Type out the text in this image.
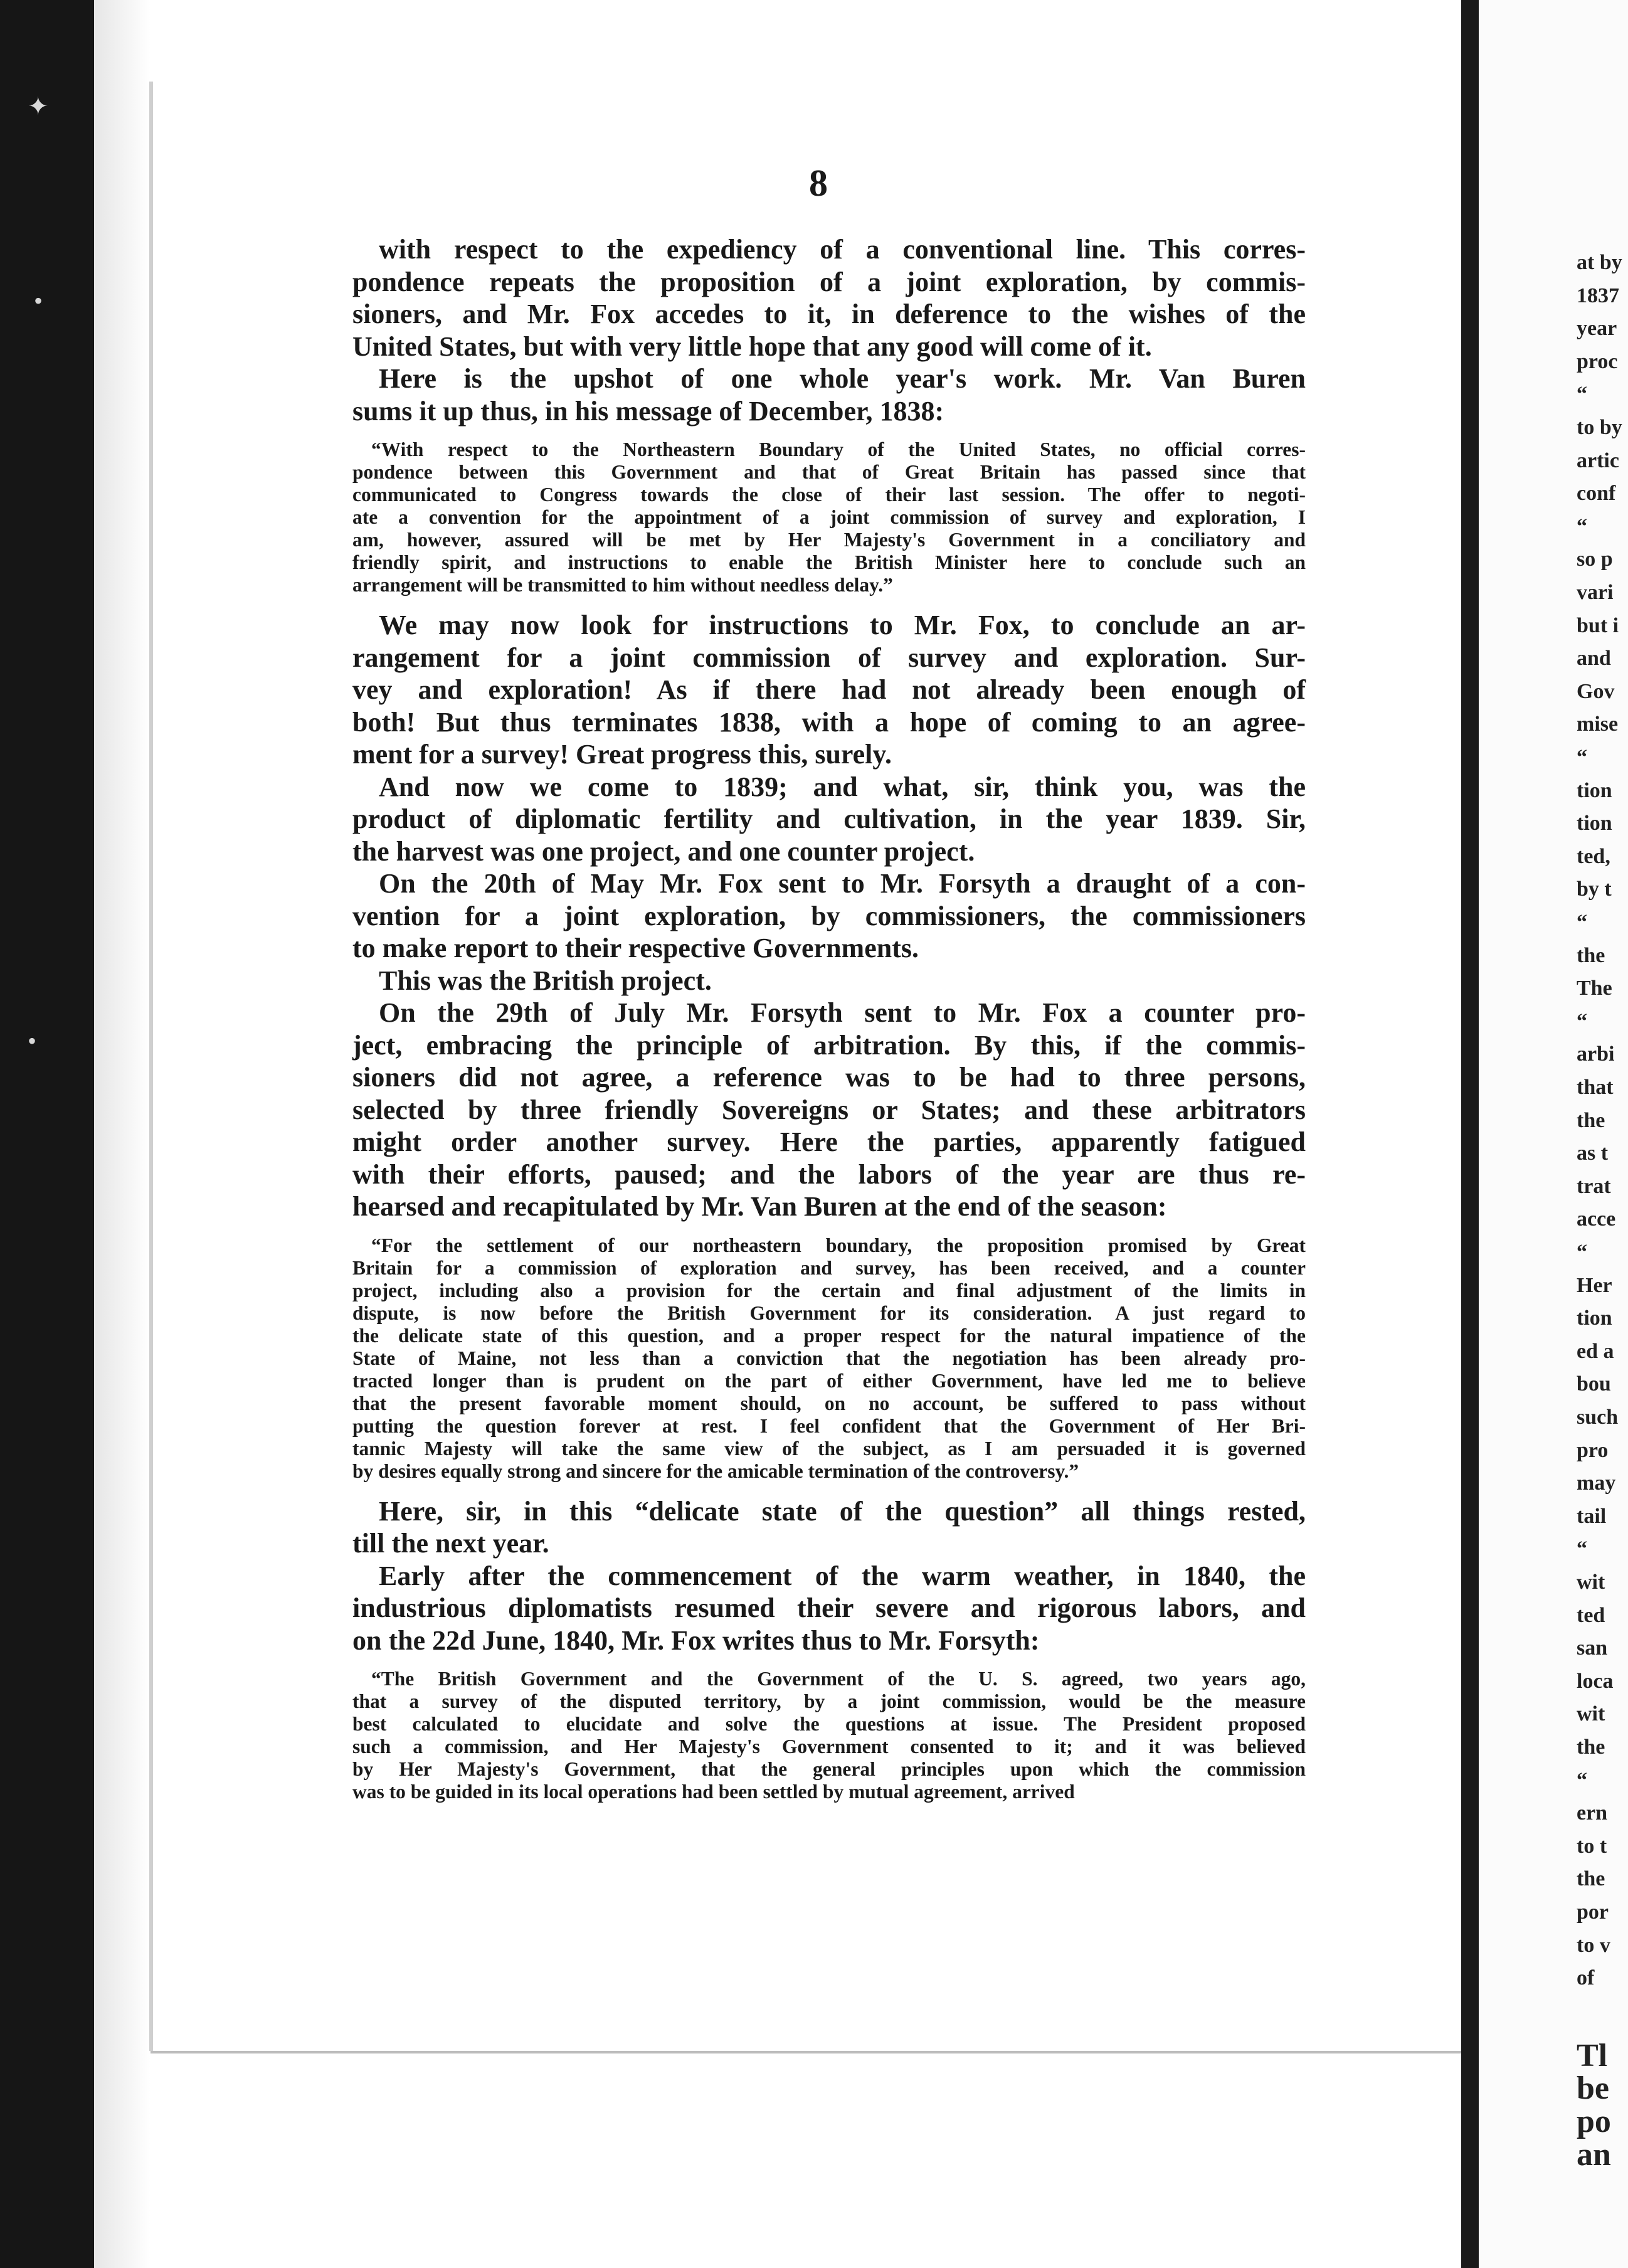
✦
•
•
at by
1837
year
proc
“
to by
artic
conf
“
so p
vari
but i
and
Gov
mise
“
tion
tion
ted,
by t
“
the
The
“
arbi
that
the
as t
trat
acce
“
Her
tion
ed a
bou
such
pro
may
tail
“
wit
ted
san
loca
wit
the
“
ern
to t
the
por
to v
of
Tl
be
po
an
8
with respect to the expediency of a conventional line. This corres-
pondence repeats the proposition of a joint exploration, by commis-
sioners, and Mr. Fox accedes to it, in deference to the wishes of the
United States, but with very little hope that any good will come of it.
Here is the upshot of one whole year's work. Mr. Van Buren
sums it up thus, in his message of December, 1838:
“With respect to the Northeastern Boundary of the United States, no official corres-
pondence between this Government and that of Great Britain has passed since that
communicated to Congress towards the close of their last session. The offer to negoti-
ate a convention for the appointment of a joint commission of survey and exploration, I
am, however, assured will be met by Her Majesty's Government in a conciliatory and
friendly spirit, and instructions to enable the British Minister here to conclude such an
arrangement will be transmitted to him without needless delay.”
We may now look for instructions to Mr. Fox, to conclude an ar-
rangement for a joint commission of survey and exploration. Sur-
vey and exploration! As if there had not already been enough of
both! But thus terminates 1838, with a hope of coming to an agree-
ment for a survey! Great progress this, surely.
And now we come to 1839; and what, sir, think you, was the
product of diplomatic fertility and cultivation, in the year 1839. Sir,
the harvest was one project, and one counter project.
On the 20th of May Mr. Fox sent to Mr. Forsyth a draught of a con-
vention for a joint exploration, by commissioners, the commissioners
to make report to their respective Governments.
This was the British project.
On the 29th of July Mr. Forsyth sent to Mr. Fox a counter pro-
ject, embracing the principle of arbitration. By this, if the commis-
sioners did not agree, a reference was to be had to three persons,
selected by three friendly Sovereigns or States; and these arbitrators
might order another survey. Here the parties, apparently fatigued
with their efforts, paused; and the labors of the year are thus re-
hearsed and recapitulated by Mr. Van Buren at the end of the season:
“For the settlement of our northeastern boundary, the proposition promised by Great
Britain for a commission of exploration and survey, has been received, and a counter
project, including also a provision for the certain and final adjustment of the limits in
dispute, is now before the British Government for its consideration. A just regard to
the delicate state of this question, and a proper respect for the natural impatience of the
State of Maine, not less than a conviction that the negotiation has been already pro-
tracted longer than is prudent on the part of either Government, have led me to believe
that the present favorable moment should, on no account, be suffered to pass without
putting the question forever at rest. I feel confident that the Government of Her Bri-
tannic Majesty will take the same view of the subject, as I am persuaded it is governed
by desires equally strong and sincere for the amicable termination of the controversy.”
Here, sir, in this “delicate state of the question” all things rested,
till the next year.
Early after the commencement of the warm weather, in 1840, the
industrious diplomatists resumed their severe and rigorous labors, and
on the 22d June, 1840, Mr. Fox writes thus to Mr. Forsyth:
“The British Government and the Government of the U. S. agreed, two years ago,
that a survey of the disputed territory, by a joint commission, would be the measure
best calculated to elucidate and solve the questions at issue. The President proposed
such a commission, and Her Majesty's Government consented to it; and it was believed
by Her Majesty's Government, that the general principles upon which the commission
was to be guided in its local operations had been settled by mutual agreement, arrived
